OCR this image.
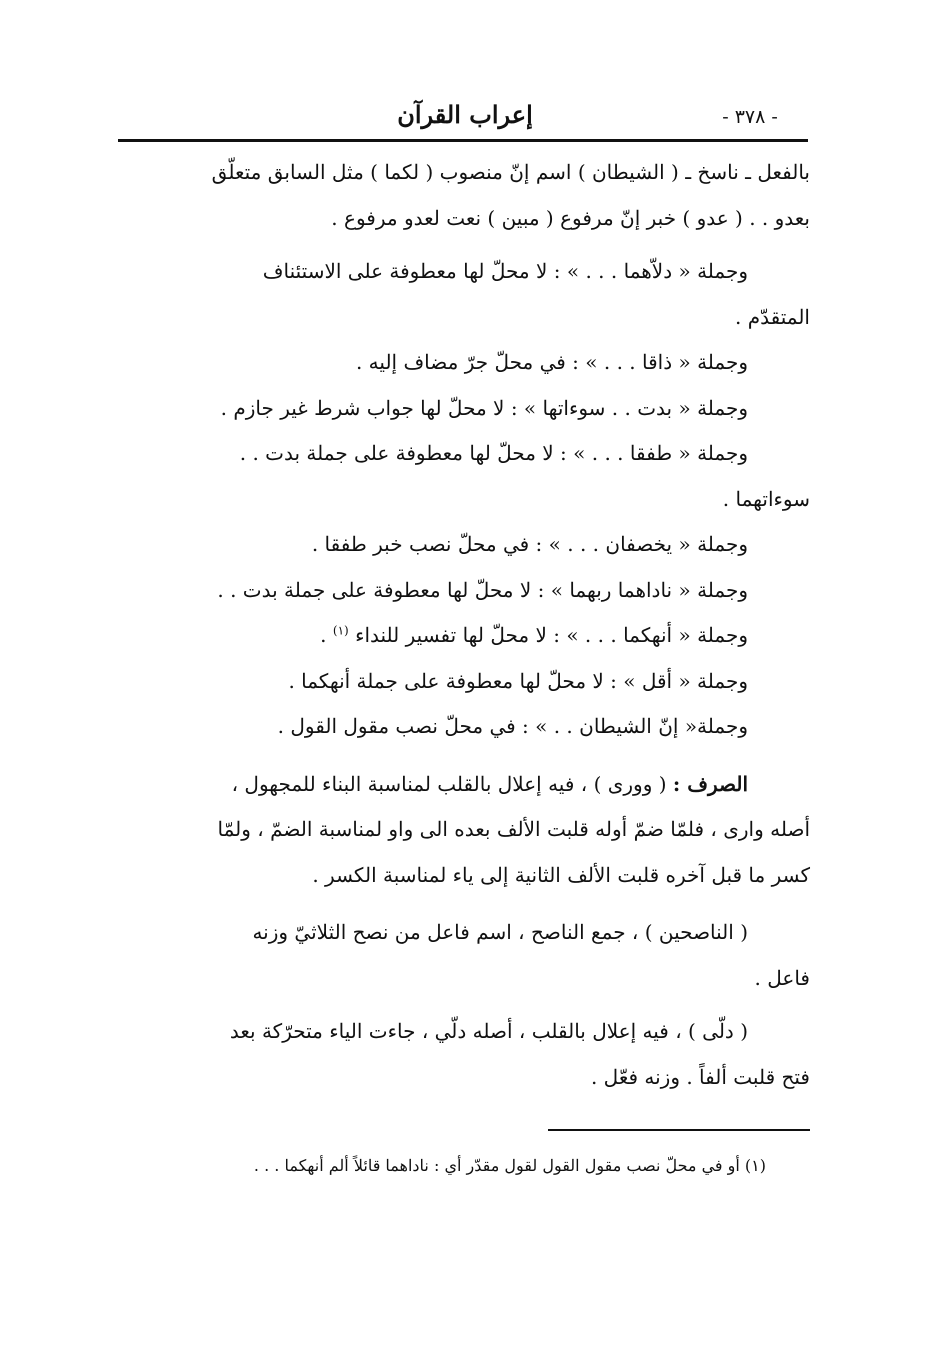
- ٣٧٨ -
إعراب القرآن

بالفعل ـ ناسخ ـ ( الشيطان ) اسم إنّ منصوب ( لكما ) مثل السابق متعلّق

بعدو . . ( عدو ) خبر إنّ مرفوع ( مبين ) نعت لعدو مرفوع .

وجملة « دلاّهما . . . » : لا محلّ لها معطوفة على الاستئناف

المتقدّم .

وجملة « ذاقا . . . » : في محلّ جرّ مضاف إليه .

وجملة « بدت . . سوءاتها » : لا محلّ لها جواب شرط غير جازم .

وجملة « طفقا . . . » : لا محلّ لها معطوفة على جملة بدت . .

سوءاتهما .

وجملة « يخصفان . . . » : في محلّ نصب خبر طفقا .

وجملة « ناداهما ربهما » : لا محلّ لها معطوفة على جملة بدت . .

وجملة « أنهكما . . . » : لا محلّ لها تفسير للنداء $^{(١)}$ .

وجملة « أقل » : لا محلّ لها معطوفة على جملة أنهكما .

وجملة« إنّ الشيطان . . » : في محلّ نصب مقول القول .

الصرف : ( وورى ) ، فيه إعلال بالقلب لمناسبة البناء للمجهول ،

أصله وارى ، فلمّا ضمّ أوله قلبت الألف بعده الى واو لمناسبة الضمّ ، ولمّا

كسر ما قبل آخره قلبت الألف الثانية إلى ياء لمناسبة الكسر .

( الناصحين ) ، جمع الناصح ، اسم فاعل من نصح الثلاثيّ وزنه

فاعل .

( دلّى ) ، فيه إعلال بالقلب ، أصله دلّي ، جاءت الياء متحرّكة بعد

فتح قلبت ألفاً . وزنه فعّل .

(١) أو في محلّ نصب مقول القول لقول مقدّر أي : ناداهما قائلاً ألم أنهكما . . .
